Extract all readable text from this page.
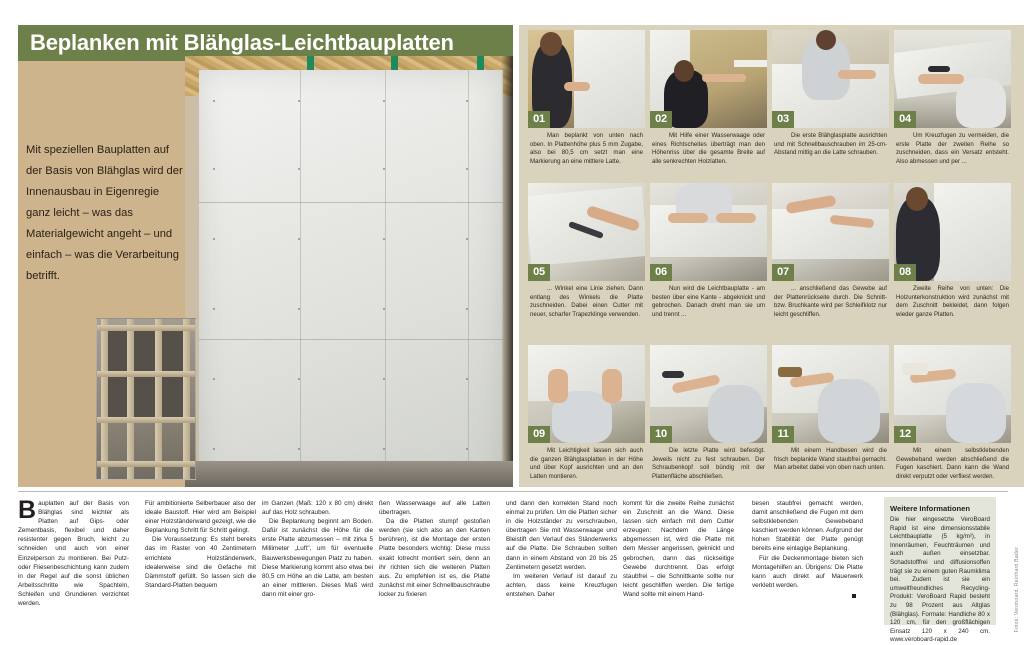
Beplanken mit Blähglas-Leichtbauplatten
Mit speziellen Bauplatten auf der Basis von Blähglas wird der Innenausbau in Eigenregie ganz leicht – was das Materialgewicht angeht – und einfach – was die Verarbeitung betrifft.
01
Man beplankt von unten nach oben. In Plattenhöhe plus 5 mm Zugabe, also bei 80,5 cm setzt man eine Markierung an eine mittlere Latte.
02
Mit Hilfe einer Wasserwaage oder eines Richtscheites überträgt man den Höhenriss über die gesamte Breite auf alle senkrechten Holzlatten.
03
Die erste Blähglasplatte ausrichten und mit Schnellbauschrauben im 25-cm-Abstand mittig an die Latte schrauben.
04
Um Kreuzfugen zu vermeiden, die erste Platte der zweiten Reihe so zuschneiden, dass ein Versatz entsteht. Also abmessen und per ...
05
... Winkel eine Linie ziehen. Dann entlang des Winkels die Platte zuschneiden. Dabei einen Cutter mit neuer, scharfer Trapezklinge verwenden.
06
Nun wird die Leichtbauplatte - am besten über eine Kante - abgeknickt und gebrochen. Danach dreht man sie um und trennt ...
07
... anschließend das Gewebe auf der Plattenrückseite durch. Die Schnitt- bzw. Bruchkante wird per Schleifklotz nur leicht geschliffen.
08
Zweite Reihe von unten: Die Holzunterkonstruktion wird zunächst mit dem Zuschnitt bekleidet, dann folgen wieder ganze Platten.
09
Mit Leichtigkeit lassen sich auch die ganzen Blähglasplatten in der Höhe und über Kopf ausrichten und an den Latten montieren.
10
Die letzte Platte wird befestigt. Jeweils nicht zu fest schrauben. Der Schraubenkopf soll bündig mit der Plattenfläche abschließen.
11
Mit einem Handbesen wird die frisch beplankte Wand staubfrei gemacht. Man arbeitet dabei von oben nach unten.
12
Mit einem selbstklebenden Gewebeband werden abschließend die Fugen kaschiert. Dann kann die Wand direkt verputzt oder verfliest werden.

Bauplatten auf der Basis von Blähglas sind leichter als Platten auf Gips- oder Zementbasis, flexibel und daher resistenter gegen Bruch, leicht zu schneiden und auch von einer Einzelperson zu montieren. Bei Putz- oder Fliesenbeschichtung kann zudem in der Regel auf die sonst üblichen Arbeitsschritte wie Spachteln, Schleifen und Grundieren verzichtet werden.

Für ambitionierte Selberbauer also der ideale Baustoff. Hier wird am Beispiel einer Holzständerwand gezeigt, wie die Beplankung Schritt für Schritt gelingt.

Die Voraussetzung: Es steht bereits das im Raster von 40 Zentimetern errichtete Holzständerwerk, idealerweise sind die Gefache mit Dämmstoff gefüllt. So lassen sich die Standard-Platten bequem

im Ganzen (Maß: 120 x 80 cm) direkt auf das Holz schrauben.

Die Beplankung beginnt am Boden. Dafür ist zunächst die Höhe für die erste Platte abzumessen – mit zirka 5 Millimeter „Luft", um für eventuelle Bauwerksbewegungen Platz zu haben. Diese Markierung kommt also etwa bei 80,5 cm Höhe an die Latte, am besten an einer mittleren. Dieses Maß wird dann mit einer gro-

ßen Wasserwaage auf alle Latten übertragen.

Da die Platten stumpf gestoßen werden (sie sich also an den Kanten berühren), ist die Montage der ersten Platte besonders wichtig: Diese muss exakt lotrecht montiert sein, denn an ihr richten sich die weiteren Platten aus. Zu empfehlen ist es, die Platte zunächst mit einer Schnellbauschraube locker zu fixieren

und dann den korrekten Stand noch einmal zu prüfen. Um die Platten sicher in die Holzständer zu verschrauben, übertragen Sie mit Wasserwaage und Bleistift den Verlauf des Ständerwerks auf die Platte. Die Schrauben sollten dann in einem Abstand von 20 bis 25 Zentimetern gesetzt werden.

Im weiteren Verlauf ist darauf zu achten, dass keine Kreuzfugen entstehen. Daher

kommt für die zweite Reihe zunächst ein Zuschnitt an die Wand. Diese lassen sich einfach mit dem Cutter erzeugen: Nachdem die Länge abgemessen ist, wird die Platte mit dem Messer angerissen, geknickt und gebrochen, dann das rückseitige Gewebe durchtrennt. Das erfolgt staubfrei – die Schnittkante sollte nur leicht geschliffen werden. Die fertige Wand sollte mit einem Hand-

besen staubfrei gemacht werden, damit anschließend die Fugen mit dem selbstklebenden Gewebeband kaschiert werden können. Aufgrund der hohen Stabilität der Platte genügt bereits eine einlagige Beplankung.

Für die Deckenmontage bieten sich Montagehilfen an. Übrigens: Die Platte kann auch direkt auf Mauerwerk verklebt werden.

Weitere Informationen
Die hier eingesetzte VeroBoard Rapid ist eine dimensionsstabile Leichtbauplatte (5 kg/m²), in Innenräumen, Feuchträumen und auch außen einsetzbar. Schadstofffrei und diffusionsoffen trägt sie zu einem guten Raumklima bei. Zudem ist sie ein umweltfreundliches Recycling-Produkt: VeroBoard Rapid besteht zu 98 Prozent aus Altglas (Blähglas). Formate: Handliche 80 x 120 cm, für den großflächigen Einsatz 120 x 240 cm. www.veroboard-rapid.de
Fotos: Veroboard, Reinhard Bader
